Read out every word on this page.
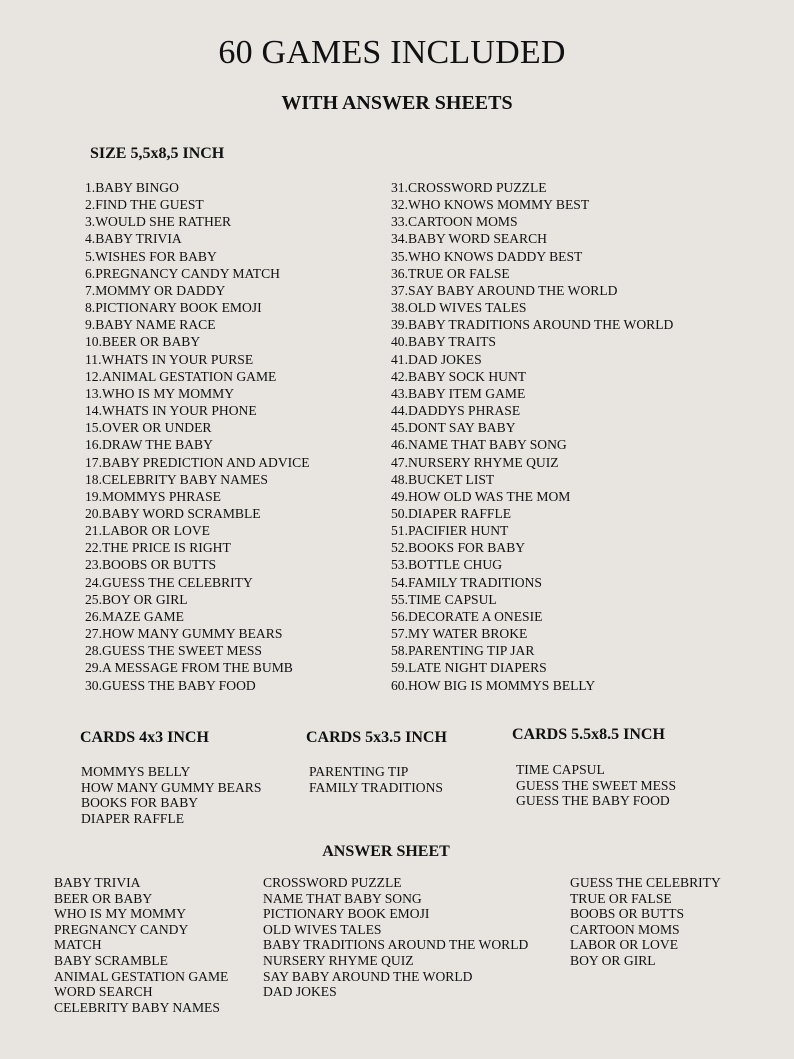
60 GAMES INCLUDED
WITH ANSWER SHEETS
SIZE 5,5x8,5 INCH
1.BABY BINGO
2.FIND THE GUEST
3.WOULD SHE RATHER
4.BABY TRIVIA
5.WISHES FOR BABY
6.PREGNANCY CANDY MATCH
7.MOMMY OR DADDY
8.PICTIONARY BOOK EMOJI
9.BABY NAME RACE
10.BEER OR BABY
11.WHATS IN YOUR PURSE
12.ANIMAL GESTATION GAME
13.WHO IS MY MOMMY
14.WHATS IN YOUR PHONE
15.OVER OR UNDER
16.DRAW THE BABY
17.BABY PREDICTION AND ADVICE
18.CELEBRITY BABY NAMES
19.MOMMYS PHRASE
20.BABY WORD SCRAMBLE
21.LABOR OR LOVE
22.THE PRICE IS RIGHT
23.BOOBS OR BUTTS
24.GUESS THE CELEBRITY
25.BOY OR GIRL
26.MAZE GAME
27.HOW MANY GUMMY BEARS
28.GUESS THE SWEET MESS
29.A MESSAGE FROM THE BUMB
30.GUESS THE BABY FOOD
31.CROSSWORD PUZZLE
32.WHO KNOWS MOMMY BEST
33.CARTOON MOMS
34.BABY WORD SEARCH
35.WHO KNOWS DADDY BEST
36.TRUE OR FALSE
37.SAY BABY AROUND THE WORLD
38.OLD WIVES TALES
39.BABY TRADITIONS AROUND THE WORLD
40.BABY TRAITS
41.DAD JOKES
42.BABY SOCK HUNT
43.BABY ITEM GAME
44.DADDYS PHRASE
45.DONT SAY BABY
46.NAME THAT BABY SONG
47.NURSERY RHYME QUIZ
48.BUCKET LIST
49.HOW OLD WAS THE MOM
50.DIAPER RAFFLE
51.PACIFIER HUNT
52.BOOKS FOR BABY
53.BOTTLE CHUG
54.FAMILY TRADITIONS
55.TIME CAPSUL
56.DECORATE A ONESIE
57.MY WATER BROKE
58.PARENTING TIP JAR
59.LATE NIGHT DIAPERS
60.HOW BIG IS MOMMYS BELLY
CARDS 4x3 INCH	CARDS 5x3.5 INCH	CARDS 5.5x8.5 INCH
MOMMYS BELLY
HOW MANY GUMMY BEARS
BOOKS FOR BABY
DIAPER RAFFLE
PARENTING TIP
FAMILY TRADITIONS
TIME CAPSUL
GUESS THE SWEET MESS
GUESS THE BABY FOOD
ANSWER SHEET
BABY TRIVIA
BEER OR BABY
WHO IS MY MOMMY
PREGNANCY CANDY
MATCH
BABY SCRAMBLE
ANIMAL GESTATION GAME
WORD SEARCH
CELEBRITY BABY NAMES
CROSSWORD PUZZLE
NAME THAT BABY SONG
PICTIONARY BOOK EMOJI
OLD WIVES TALES
BABY TRADITIONS AROUND THE WORLD
NURSERY RHYME QUIZ
SAY BABY AROUND THE WORLD
DAD JOKES
GUESS THE CELEBRITY
TRUE OR FALSE
BOOBS OR BUTTS
CARTOON MOMS
LABOR OR LOVE
BOY OR GIRL
